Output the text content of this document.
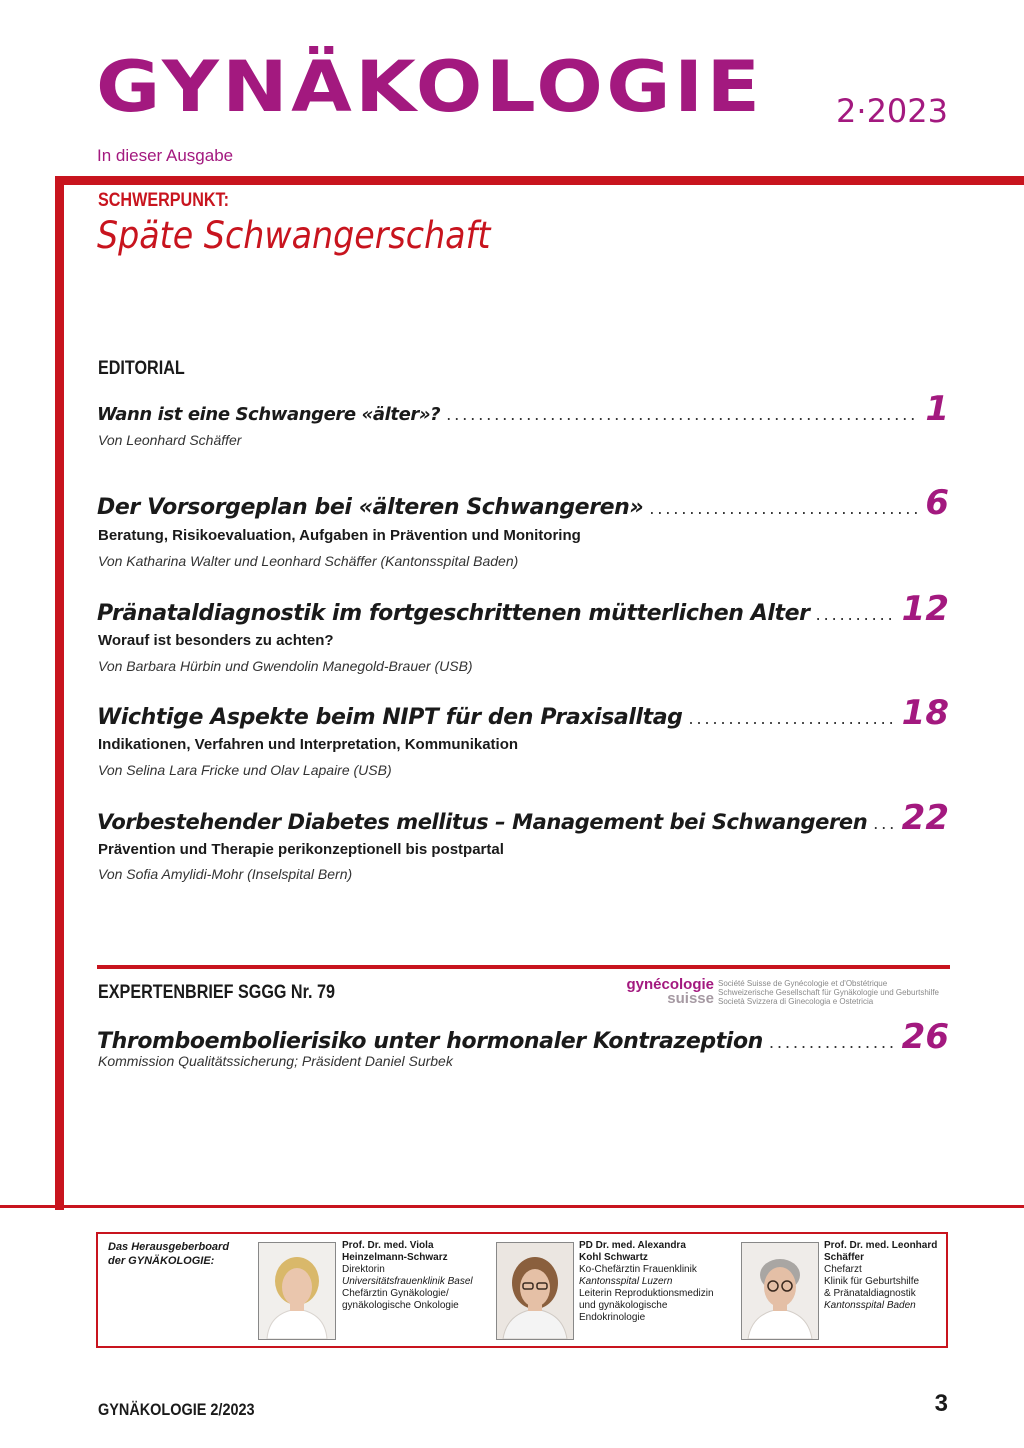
GYNÄKOLOGIE 2·2023
In dieser Ausgabe
SCHWERPUNKT:
Späte Schwangerschaft
EDITORIAL
Wann ist eine Schwangere «älter»? .....	1
Von Leonhard Schäffer
Der Vorsorgeplan bei «älteren Schwangeren» .....	6
Beratung, Risikoevaluation, Aufgaben in Prävention und Monitoring
Von Katharina Walter und Leonhard Schäffer (Kantonsspital Baden)
Pränataldiagnostik im fortgeschrittenen mütterlichen Alter .....	12
Worauf ist besonders zu achten?
Von Barbara Hürbin und Gwendolin Manegold-Brauer (USB)
Wichtige Aspekte beim NIPT für den Praxisalltag .....	18
Indikationen, Verfahren und Interpretation, Kommunikation
Von Selina Lara Fricke und Olav Lapaire (USB)
Vorbestehender Diabetes mellitus – Management bei Schwangeren ..... 22
Prävention und Therapie perikonzeptionell bis postpartal
Von Sofia Amylidi-Mohr (Inselspital Bern)
EXPERTENBRIEF SGGG Nr. 79	gynécologie
suisse
Société Suisse de Gynécologie et d'Obstétrique
Schweizerische Gesellschaft für Gynäkologie und Geburtshilfe
Società Svizzera di Ginecologia e Ostetricia
Thromboembolierisiko unter hormonaler Kontrazeption .....	26
Kommission Qualitätssicherung; Präsident Daniel Surbek
Das Herausgeberboard
der GYNÄKOLOGIE:
Prof. Dr. med. Viola
Heinzelmann-Schwarz
Direktorin
Universitätsfrauenklinik Basel
Chefärztin Gynäkologie/
gynäkologische Onkologie
PD Dr. med. Alexandra
Kohl Schwartz
Ko-Chefärztin Frauenklinik
Kantonsspital Luzern
Leiterin Reproduktionsmedizin
und gynäkologische
Endokrinologie
Prof. Dr. med. Leonhard
Schäffer
Chefarzt
Klinik für Geburtshilfe
& Pränataldiagnostik
Kantonsspital Baden
GYNÄKOLOGIE 2/2023	3
